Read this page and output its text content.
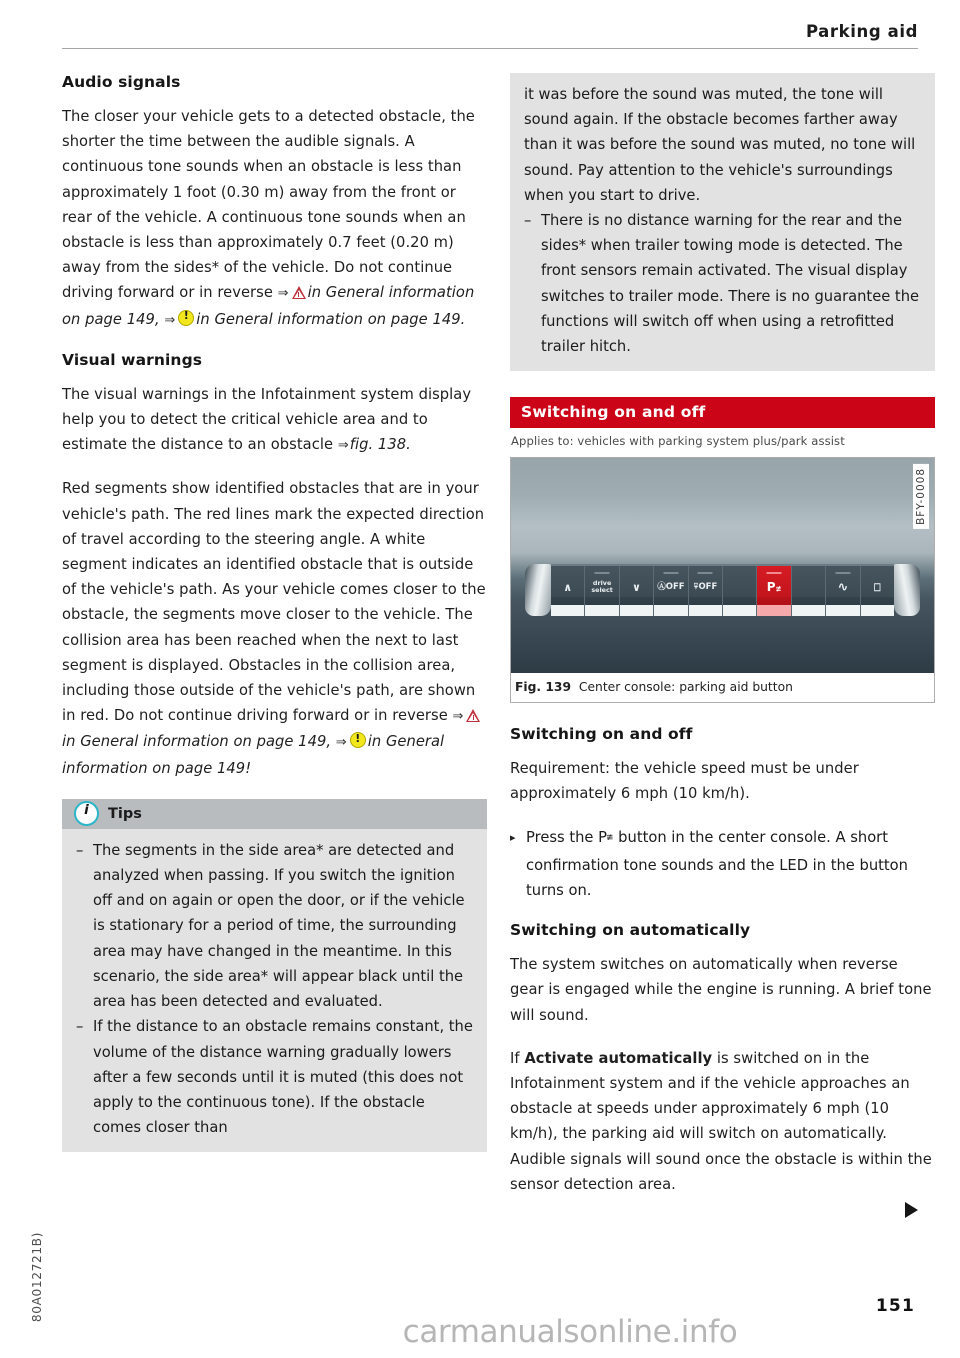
Parking aid
Audio signals

The closer your vehicle gets to a detected obstacle, the shorter the time between the audible signals. A continuous tone sounds when an obstacle is less than approximately 1 foot (0.30 m) away from the front or rear of the vehicle. A continuous tone sounds when an obstacle is less than approximately 0.7 feet (0.20 m) away from the sides* of the vehicle. Do not continue driving forward or in reverse ⇒ in General information on page 149, ⇒ ! in General information on page 149.

Visual warnings

The visual warnings in the Infotainment system display help you to detect the critical vehicle area and to estimate the distance to an obstacle ⇒fig. 138.

Red segments show identified obstacles that are in your vehicle's path. The red lines mark the expected direction of travel according to the steering angle. A white segment indicates an identified obstacle that is outside of the vehicle's path. As your vehicle comes closer to the obstacle, the segments move closer to the vehicle. The collision area has been reached when the next to last segment is displayed. Obstacles in the collision area, including those outside of the vehicle's path, are shown in red. Do not continue driving forward or in reverse ⇒in General information on page 149, ⇒ ! in General information on page 149!

i
Tips
– The segments in the side area* are detected and analyzed when passing. If you switch the ignition off and on again or open the door, or if the vehicle is stationary for a period of time, the surrounding area may have changed in the meantime. In this scenario, the side area* will appear black until the area has been detected and evaluated.
– If the distance to an obstacle remains constant, the volume of the distance warning gradually lowers after a few seconds until it is muted (this does not apply to the continuous tone). If the obstacle comes closer than

it was before the sound was muted, the tone will sound again. If the obstacle becomes farther away than it was before the sound was muted, no tone will sound. Pay attention to the vehicle's surroundings when you start to drive.

– There is no distance warning for the rear and the sides* when trailer towing mode is detected. The front sensors remain activated. The visual display switches to trailer mode. There is no guarantee the functions will switch off when using a retrofitted trailer hitch.
Switching on and off
Applies to: vehicles with parking system plus/park assist
BFY-0008
∧	drive
select ∨ ⒶOFF ⍫OFF	P≇	∿ ⎕
Fig. 139 Center console: parking aid button
Switching on and off

Requirement: the vehicle speed must be under approximately 6 mph (10 km/h).

▸ Press the P≇ button in the center console. A short confirmation tone sounds and the LED in the button turns on.
Switching on automatically

The system switches on automatically when reverse gear is engaged while the engine is running. A brief tone will sound.

If Activate automatically is switched on in the Infotainment system and if the vehicle approaches an obstacle at speeds under approximately 6 mph (10 km/h), the parking aid will switch on automatically. Audible signals will sound once the obstacle is within the sensor detection area.

80A012721B)	151
carmanualsonline.info
